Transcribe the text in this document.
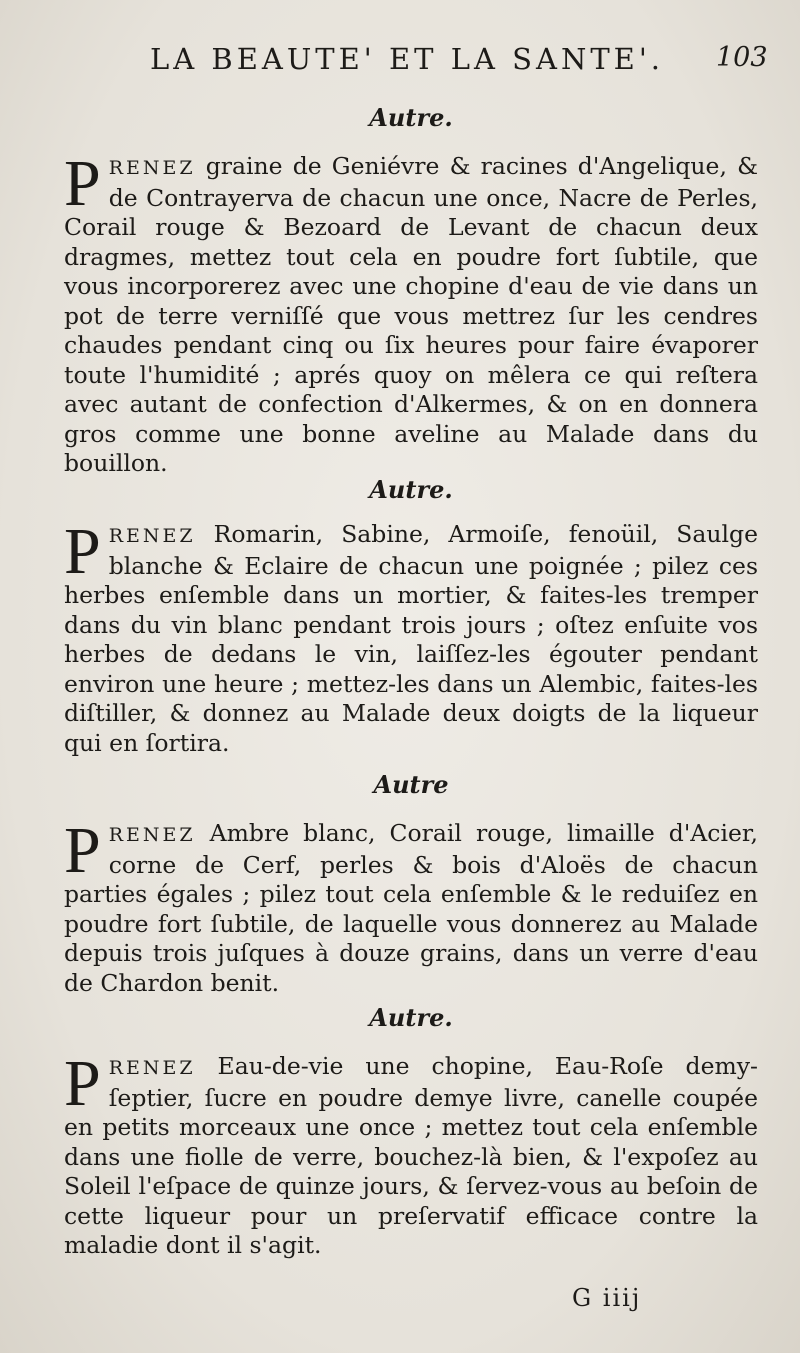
LA BEAUTE' ET LA SANTE'. 103
Autre.
P RENEZ graine de Geniévre & racines d'Angelique, & de Contrayerva de chacun une once, Nacre de Perles, Corail rouge & Bezoard de Levant de chacun deux dragmes, mettez tout cela en poudre fort ſubtile, que vous incorporerez avec une chopine d'eau de vie dans un pot de terre verniſſé que vous mettrez ſur les cendres chaudes pendant cinq ou ſix heures pour faire évaporer toute l'humidité ; aprés quoy on mêlera ce qui reſtera avec autant de confection d'Alkermes, & on en donnera gros comme une bonne aveline au Malade dans du bouillon.
Autre.
P RENEZ Romarin, Sabine, Armoiſe, fenoüil, Saulge blanche & Eclaire de chacun une poignée ; pilez ces herbes enſemble dans un mortier, & faites-les tremper dans du vin blanc pendant trois jours ; oſtez enſuite vos herbes de dedans le vin, laiſſez-les égouter pendant environ une heure ; mettez-les dans un Alembic, faites-les diſtiller, & donnez au Malade deux doigts de la liqueur qui en ſortira.
Autre
P RENEZ Ambre blanc, Corail rouge, limaille d'Acier, corne de Cerf, perles & bois d'Aloës de chacun parties égales ; pilez tout cela enſemble & le reduiſez en poudre fort ſubtile, de laquelle vous donnerez au Malade depuis trois juſques à douze grains, dans un verre d'eau de Chardon benit.
Autre.
P RENEZ Eau-de-vie une chopine, Eau-Roſe demy-ſeptier, ſucre en poudre demye livre, canelle coupée en petits morceaux une once ; mettez tout cela enſemble dans une fiolle de verre, bouchez-là bien, & l'expoſez au Soleil l'eſpace de quinze jours, & ſervez-vous au beſoin de cette liqueur pour un preſervatif efficace contre la maladie dont il s'agit.
G iiij
